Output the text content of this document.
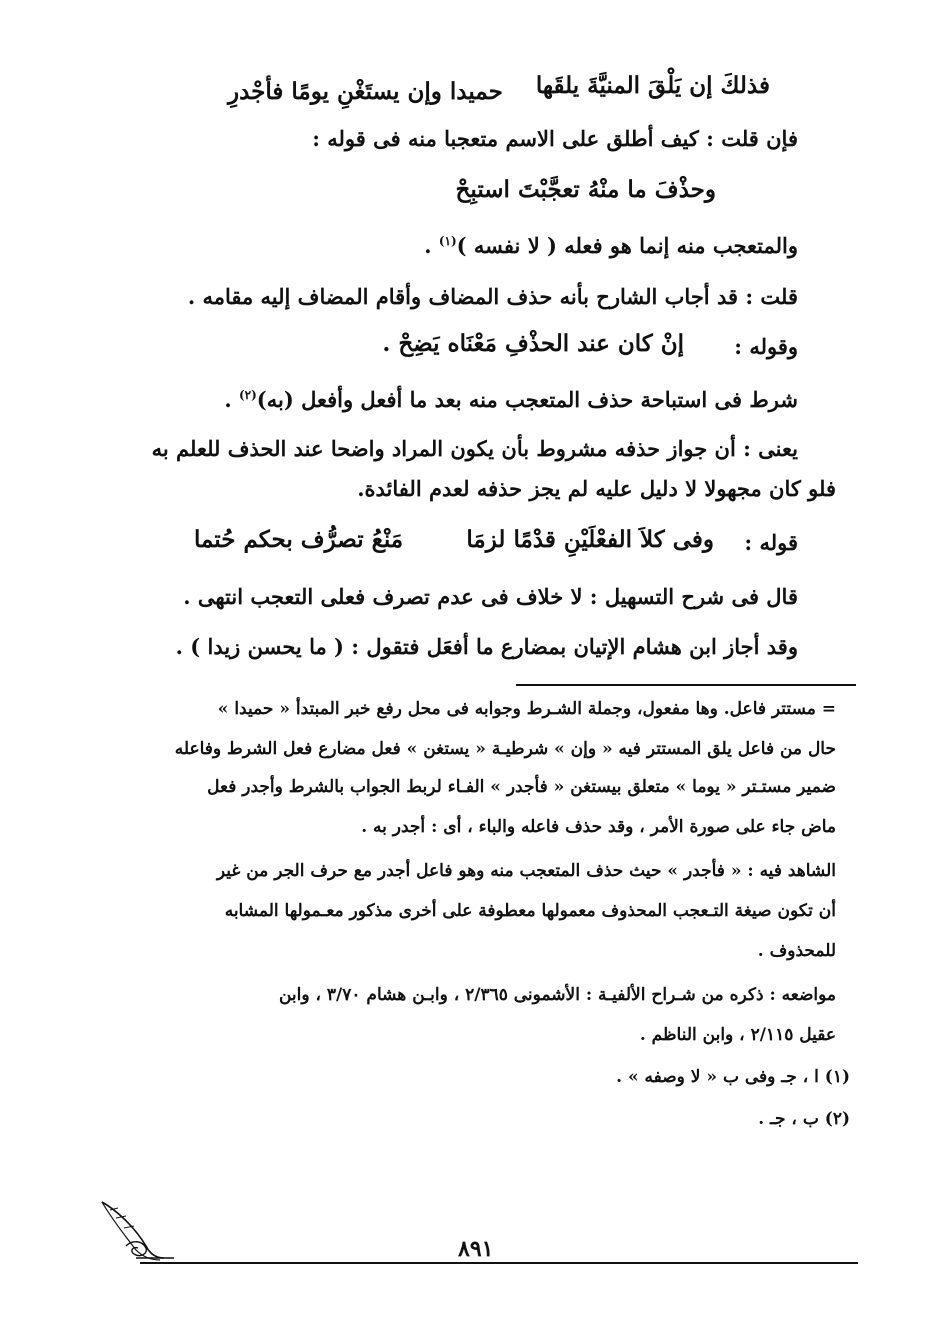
فذلكَ إن يَلْقَ المنيَّةَ يلقَها
حميدا وإن يستَغْنِ يومًا فأجْدرِ
فإن قلت : كيف أطلق على الاسم متعجبا منه فى قوله :
وحذْفَ ما منْهُ تعجَّبْتَ استبِحْ
والمتعجب منه إنما هو فعله ( لا نفسه )$^{(١)}$ .
قلت : قد أجاب الشارح بأنه حذف المضاف وأقام المضاف إليه مقامه .
وقوله :
إنْ كان عند الحذْفِ مَعْنَاه يَضِحْ .
شرط فى استباحة حذف المتعجب منه بعد ما أفعل وأفعل (به)$^{(٢)}$ .
يعنى : أن جواز حذفه مشروط بأن يكون المراد واضحا عند الحذف للعلم به
فلو كان مجهولا لا دليل عليه لم يجز حذفه لعدم الفائدة.
قوله :
وفى كلاَ الفعْلَيْنِ قدْمًا لزمَا
مَنْعُ تصرُّف بحكم حُتما
قال فى شرح التسهيل : لا خلاف فى عدم تصرف فعلى التعجب انتهى .
وقد أجاز ابن هشام الإتيان بمضارع ما أفعَل فتقول : ( ما يحسن زيدا ) .
= مستتر فاعل. وها مفعول، وجملة الشـرط وجوابه فى محل رفع خبر المبتدأ « حميدا »
حال من فاعل يلق المستتر فيه « وإن » شرطيـة « يستغن » فعل مضارع فعل الشرط وفاعله
ضمير مستـتر « يوما » متعلق بيستغن « فأجدر » الفـاء لربط الجواب بالشرط وأجدر فعل
ماض جاء على صورة الأمر ، وقد حذف فاعله والباء ، أى : أجدر به .
الشاهد فيه : « فأجدر » حيث حذف المتعجب منه وهو فاعل أجدر مع حرف الجر من غير
أن تكون صيغة التـعجب المحذوف معمولها معطوفة على أخرى مذكور معـمولها المشابه
للمحذوف .
مواضعه : ذكره من شـراح الألفيـة : الأشمونى ٢/٣٦٥ ، وابـن هشام ٣/٧٠ ، وابن
عقيل ٢/١١٥ ، وابن الناظم .
(١) ا ، جـ وفى ب « لا وصفه » .
(٢) ب ، جـ .
٨٩١
